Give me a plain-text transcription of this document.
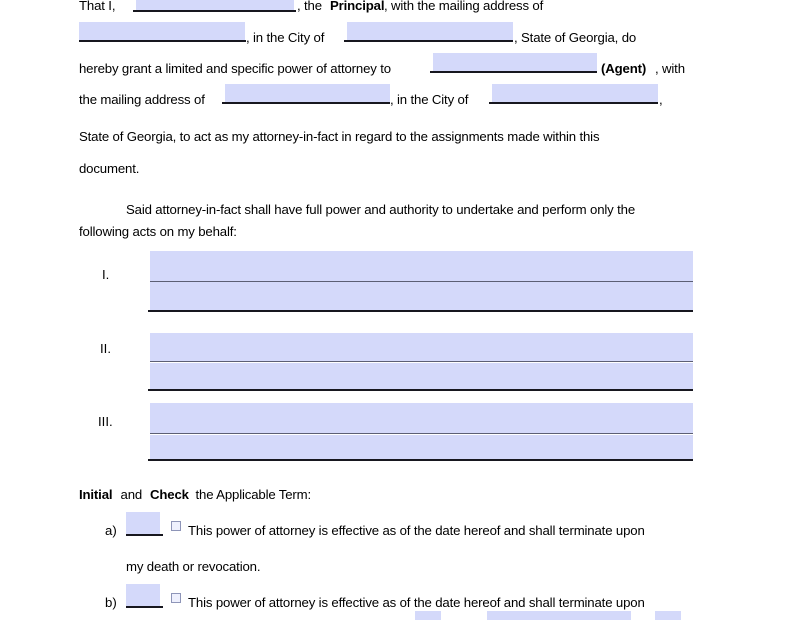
That I,	, the Principal , with the mailing address of
, in the City of	, State of Georgia, do
hereby grant a limited and specific power of attorney to	(Agent) , with
the mailing address of	, in the City of	,
State of Georgia, to act as my attorney-in-fact in regard to the assignments made within this
document.
Said attorney-in-fact shall have full power and authority to undertake and perform only the
following acts on my behalf:
I.
II.
III.
Initial and Check the Applicable Term:
a)	This power of attorney is effective as of the date hereof and shall terminate upon
my death or revocation.
b)	This power of attorney is effective as of the date hereof and shall terminate upon
